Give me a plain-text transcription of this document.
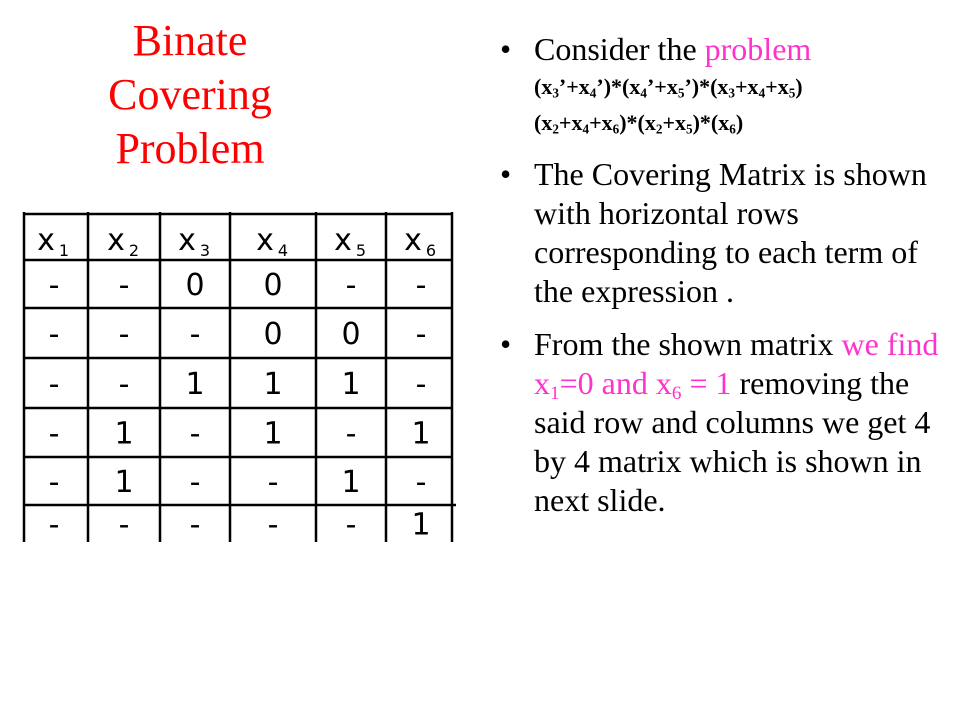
Binate
Covering
Problem
x 1 x 2 x 3 x 4 x 5 x 6
- - 0 0 - -
- - - 0 0 -
- - 1 1 1 -
- 1 - 1 - 1
- 1 - - 1 -
- - - - - 1
• Consider the problem
$(x_3’+x_4’)*(x_4’+x_5’)*(x_3+x_4+x_5)$
$(x_2+x_4+x_6)*(x_2+x_5)*(x_6)$
• The Covering Matrix is shown with horizontal rows corresponding to each term of the expression .
• From the shown matrix we find $x_1=0$ and $x_6 = 1$ removing the said row and columns we get 4 by 4 matrix which is shown in next slide.
